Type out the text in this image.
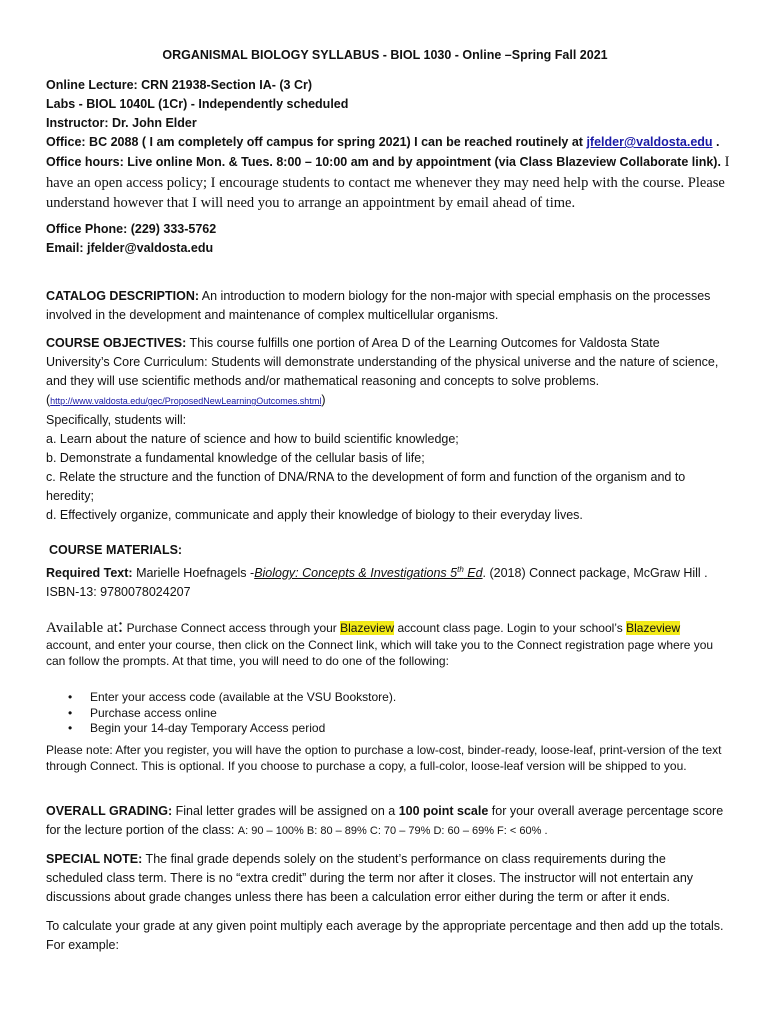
ORGANISMAL BIOLOGY SYLLABUS - BIOL 1030 - Online –Spring Fall 2021
Online Lecture: CRN 21938-Section IA- (3 Cr)
Labs - BIOL 1040L (1Cr) - Independently scheduled
Instructor: Dr. John Elder
Office: BC 2088 ( I am completely off campus for spring 2021) I can be reached routinely at jfelder@valdosta.edu .
Office hours: Live online Mon. & Tues. 8:00 – 10:00 am and by appointment (via Class Blazeview Collaborate link). I have an open access policy; I encourage students to contact me whenever they may need help with the course. Please understand however that I will need you to arrange an appointment by email ahead of time.
Office Phone: (229) 333-5762
Email: jfelder@valdosta.edu
CATALOG DESCRIPTION: An introduction to modern biology for the non-major with special emphasis on the processes involved in the development and maintenance of complex multicellular organisms.
COURSE OBJECTIVES: This course fulfills one portion of Area D of the Learning Outcomes for Valdosta State University’s Core Curriculum: Students will demonstrate understanding of the physical universe and the nature of science, and they will use scientific methods and/or mathematical reasoning and concepts to solve problems.
(http://www.valdosta.edu/gec/ProposedNewLearningOutcomes.shtml)
Specifically, students will:
a. Learn about the nature of science and how to build scientific knowledge;
b. Demonstrate a fundamental knowledge of the cellular basis of life;
c. Relate the structure and the function of DNA/RNA to the development of form and function of the organism and to heredity;
d. Effectively organize, communicate and apply their knowledge of biology to their everyday lives.
COURSE MATERIALS:
Required Text: Marielle Hoefnagels -Biology: Concepts & Investigations 5th Ed. (2018) Connect package, McGraw Hill .
ISBN-13: 9780078024207
Available at: Purchase Connect access through your Blazeview account class page. Login to your school’s Blazeview account, and enter your course, then click on the Connect link, which will take you to the Connect registration page where you can follow the prompts. At that time, you will need to do one of the following:
• Enter your access code (available at the VSU Bookstore).
• Purchase access online
• Begin your 14-day Temporary Access period
Please note: After you register, you will have the option to purchase a low-cost, binder-ready, loose-leaf, print-version of the text through Connect. This is optional. If you choose to purchase a copy, a full-color, loose-leaf version will be shipped to you.
OVERALL GRADING: Final letter grades will be assigned on a 100 point scale for your overall average percentage score for the lecture portion of the class: A: 90 – 100% B: 80 – 89% C: 70 – 79% D: 60 – 69% F: < 60% .
SPECIAL NOTE: The final grade depends solely on the student’s performance on class requirements during the scheduled class term. There is no “extra credit” during the term nor after it closes. The instructor will not entertain any discussions about grade changes unless there has been a calculation error either during the term or after it ends.
To calculate your grade at any given point multiply each average by the appropriate percentage and then add up the totals. For example:
